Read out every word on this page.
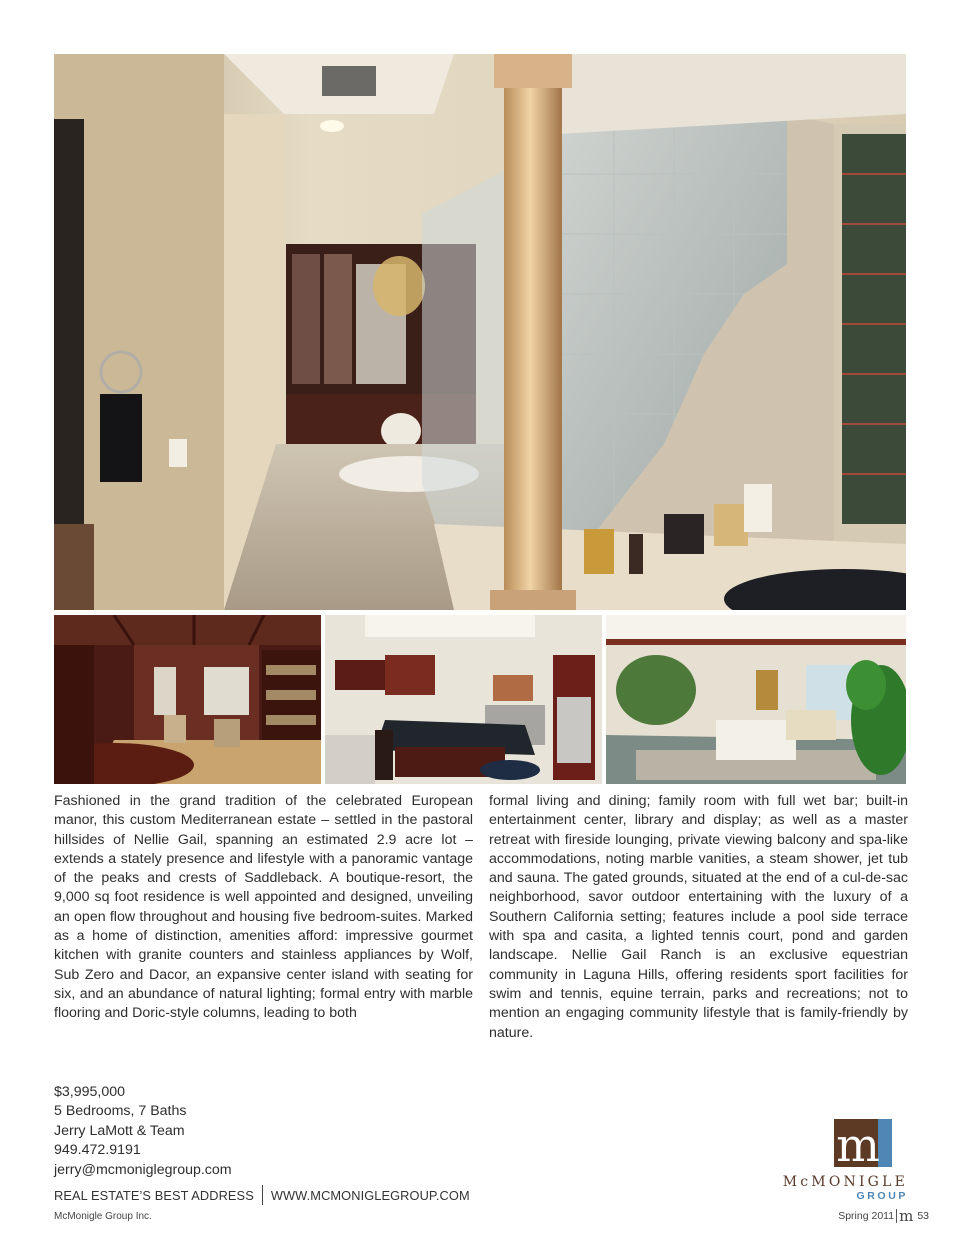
Fashioned in the grand tradition of the celebrated European manor, this custom Mediterranean estate – settled in the pastoral hillsides of Nellie Gail, spanning an estimated 2.9 acre lot – extends a stately presence and lifestyle with a panoramic vantage of the peaks and crests of Saddleback. A boutique-resort, the 9,000 sq foot residence is well appointed and designed, unveiling an open flow throughout and housing five bedroom-suites. Marked as a home of distinction, amenities afford: impressive gourmet kitchen with granite counters and stainless appliances by Wolf, Sub Zero and Dacor, an expansive center island with seating for six, and an abundance of natural lighting; formal entry with marble flooring and Doric-style columns, leading to both

formal living and dining; family room with full wet bar; built-in entertainment center, library and display; as well as a master retreat with fireside lounging, private viewing balcony and spa-like accommodations, noting marble vanities, a steam shower, jet tub and sauna. The gated grounds, situated at the end of a cul-de-sac neighborhood, savor outdoor entertaining with the luxury of a Southern California setting; features include a pool side terrace with spa and casita, a lighted tennis court, pond and garden landscape. Nellie Gail Ranch is an exclusive equestrian community in Laguna Hills, offering residents sport facilities for swim and tennis, equine terrain, parks and recreations; not to mention an engaging community lifestyle that is family-friendly by nature.

$3,995,000
5 Bedrooms, 7 Baths
Jerry LaMott & Team
949.472.9191
jerry@mcmoniglegroup.com
REAL ESTATE’S BEST ADDRESS WWW.MCMONIGLEGROUP.COM
McMonigle Group Inc.	Spring 2011 m 53
m
McMONIGLE
GROUP
